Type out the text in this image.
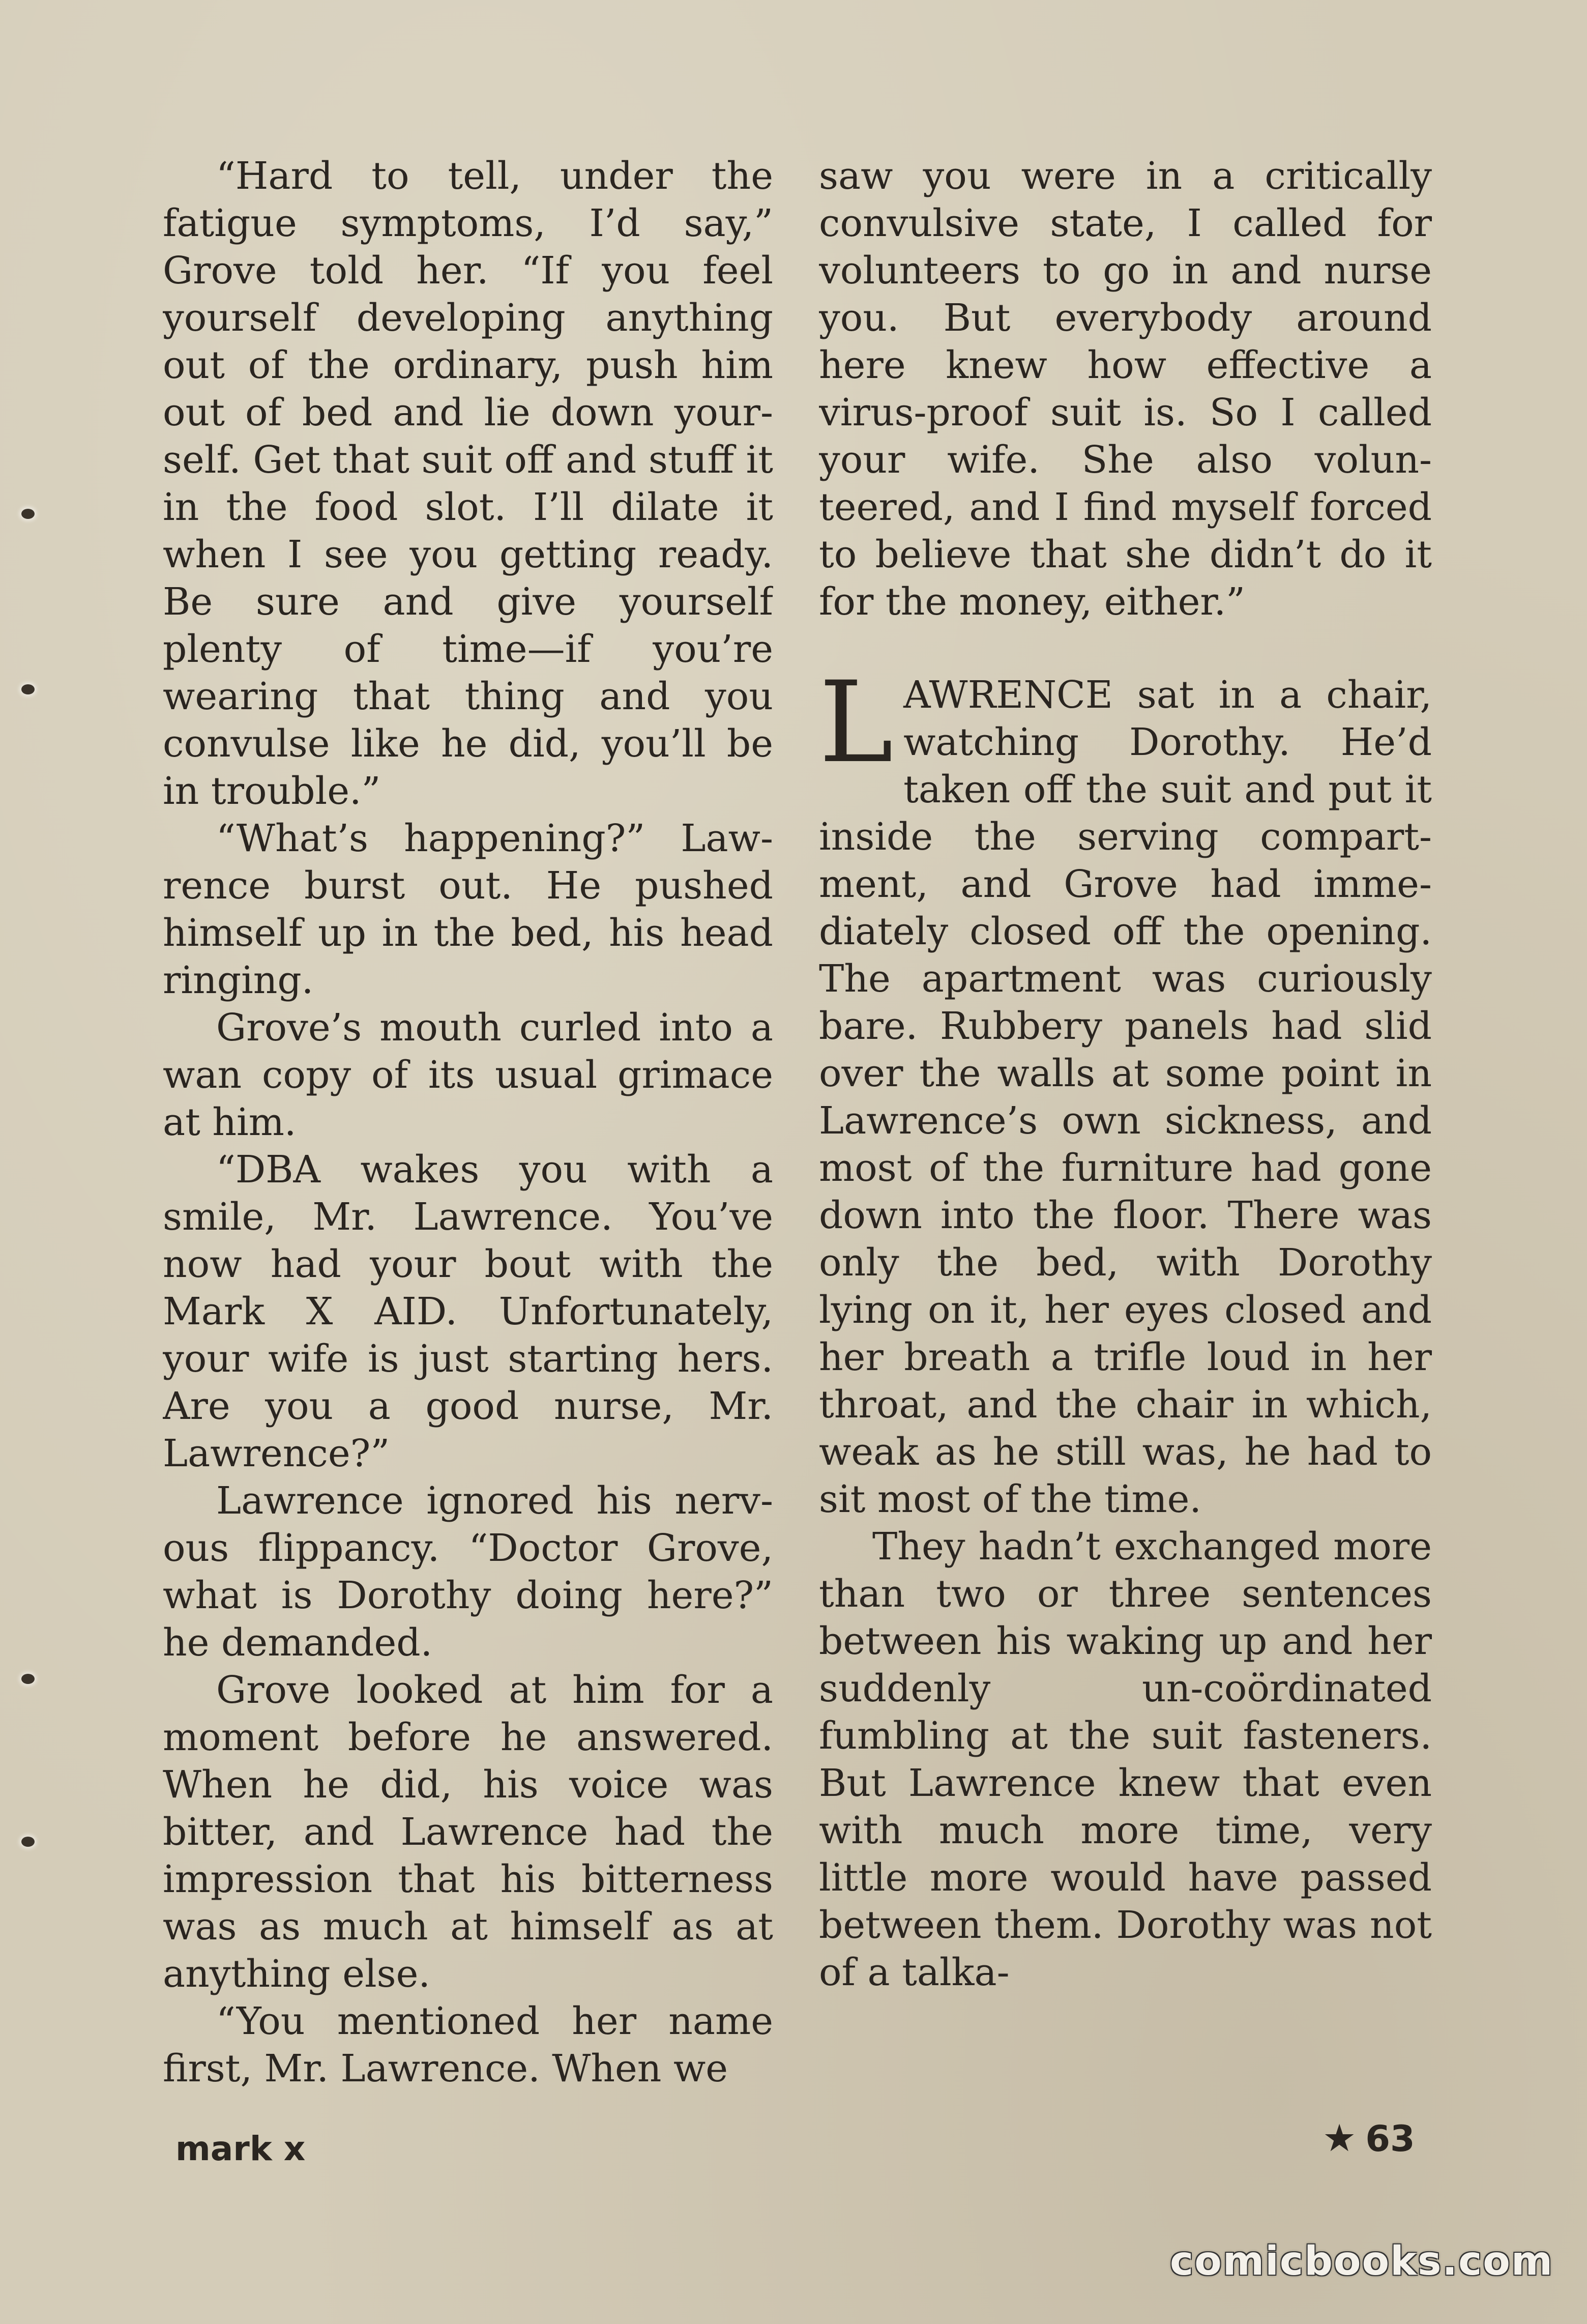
“Hard to tell, under the fatigue symptoms, I’d say,” Grove told her. “If you feel yourself developing anything out of the ordinary, push him out of bed and lie down yourself. Get that suit off and stuff it in the food slot. I’ll dilate it when I see you getting ready. Be sure and give yourself plenty of time—if you’re wearing that thing and you convulse like he did, you’ll be in trouble.”

“What’s happening?” Lawrence burst out. He pushed himself up in the bed, his head ringing.

Grove’s mouth curled into a wan copy of its usual grimace at him.

“DBA wakes you with a smile, Mr. Lawrence. You’ve now had your bout with the Mark X AID. Unfortunately, your wife is just starting hers. Are you a good nurse, Mr. Lawrence?”

Lawrence ignored his nervous flippancy. “Doctor Grove, what is Dorothy doing here?” he demanded.

Grove looked at him for a moment before he answered. When he did, his voice was bitter, and Lawrence had the impression that his bitterness was as much at himself as at anything else.

“You mentioned her name first, Mr. Lawrence. When we

saw you were in a critically convulsive state, I called for volunteers to go in and nurse you. But everybody around here knew how effective a virus-proof suit is. So I called your wife. She also volunteered, and I find myself forced to believe that she didn’t do it for the money, either.”

LAWRENCE sat in a chair, watching Dorothy. He’d taken off the suit and put it inside the serving compartment, and Grove had immediately closed off the opening. The apartment was curiously bare. Rubbery panels had slid over the walls at some point in Lawrence’s own sickness, and most of the furniture had gone down into the floor. There was only the bed, with Dorothy lying on it, her eyes closed and her breath a trifle loud in her throat, and the chair in which, weak as he still was, he had to sit most of the time.

They hadn’t exchanged more than two or three sentences between his waking up and her suddenly un-coördinated fumbling at the suit fasteners. But Lawrence knew that even with much more time, very little more would have passed between them. Dorothy was not of a talka-

mark x	★ 63
comicbooks.com
